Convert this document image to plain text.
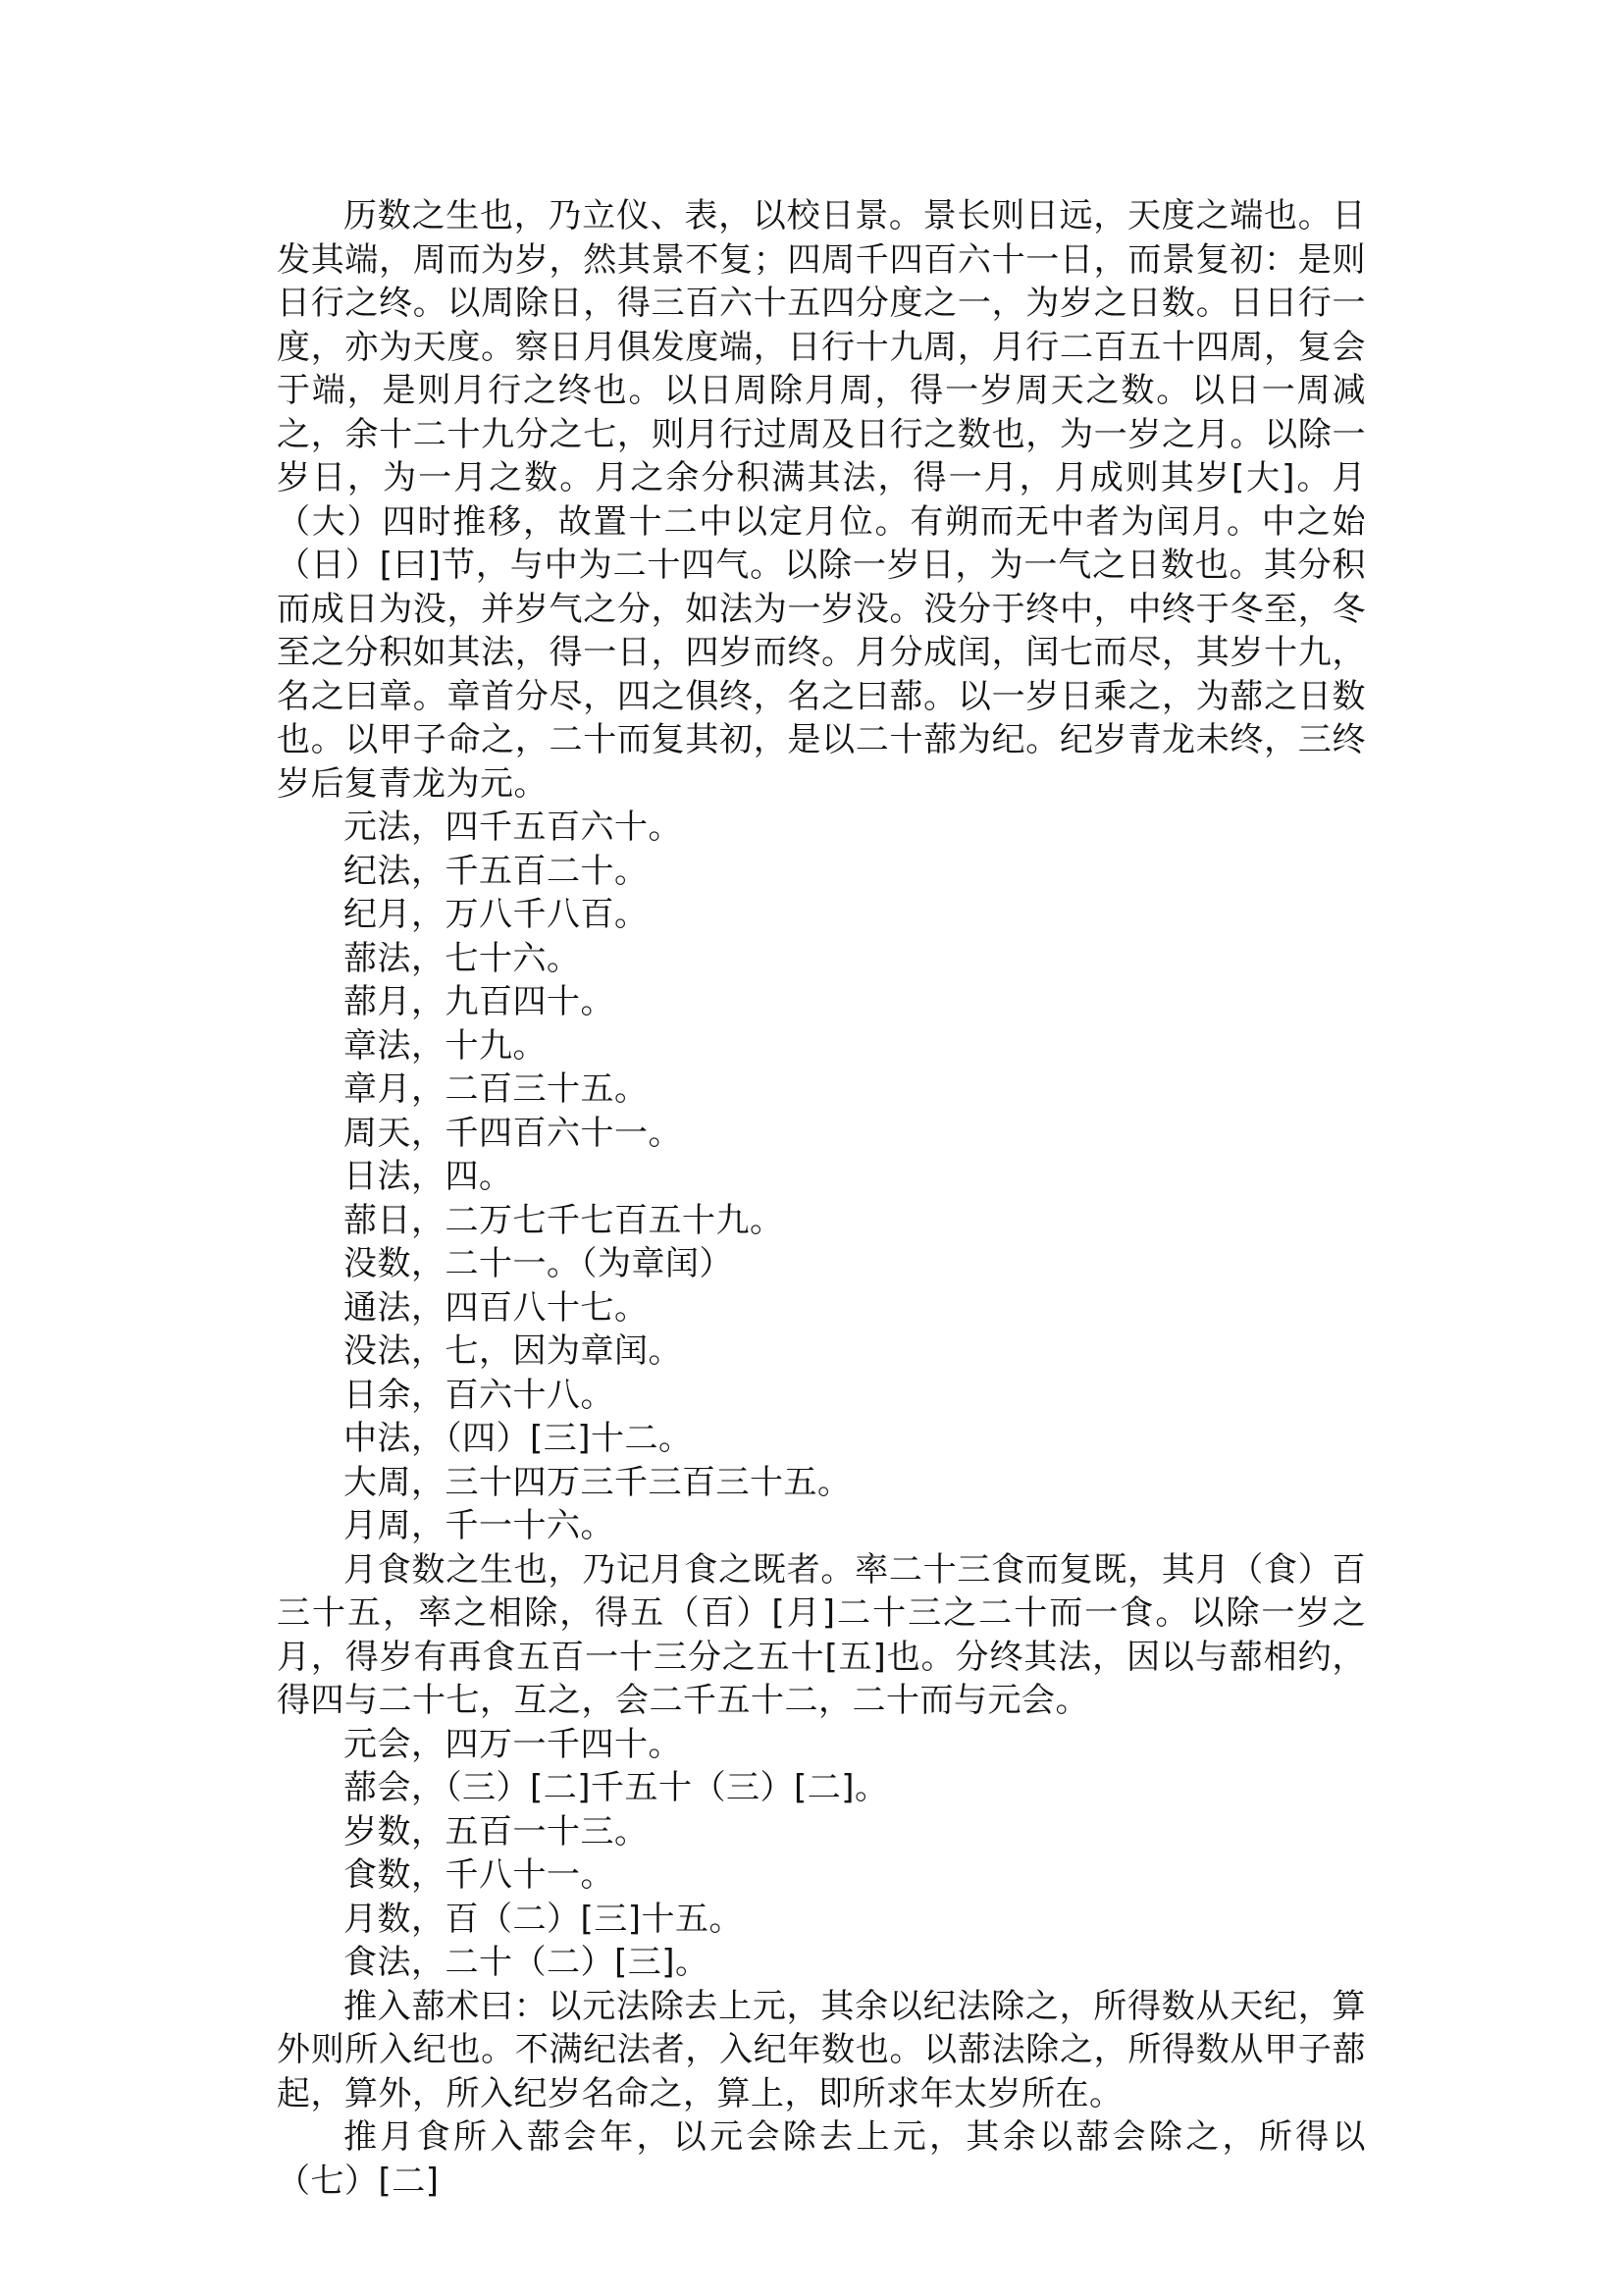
历数之生也，乃立仪、表，以校日景。景长则日远，天度之端也。日发其端，周而为岁，然其景不复；四周千四百六十一日，而景复初：是则日行之终。以周除日，得三百六十五四分度之一，为岁之日数。日日行一度，亦为天度。察日月俱发度端，日行十九周，月行二百五十四周，复会于端，是则月行之终也。以日周除月周，得一岁周天之数。以日一周减之，余十二十九分之七，则月行过周及日行之数也，为一岁之月。以除一岁日，为一月之数。月之余分积满其法，得一月，月成则其岁[大]。月（大）四时推移，故置十二中以定月位。有朔而无中者为闰月。中之始（日）[曰]节，与中为二十四气。以除一岁日，为一气之日数也。其分积而成日为没，并岁气之分，如法为一岁没。没分于终中，中终于冬至，冬至之分积如其法，得一日，四岁而终。月分成闰，闰七而尽，其岁十九，名之曰章。章首分尽，四之俱终，名之曰蔀。以一岁日乘之，为蔀之日数也。以甲子命之，二十而复其初，是以二十蔀为纪。纪岁青龙未终，三终岁后复青龙为元。

元法，四千五百六十。
纪法，千五百二十。
纪月，万八千八百。
蔀法，七十六。
蔀月，九百四十。
章法，十九。
章月，二百三十五。
周天，千四百六十一。
日法，四。
蔀日，二万七千七百五十九。
没数，二十一。（为章闰）
通法，四百八十七。
没法，七，因为章闰。
日余，百六十八。
中法，（四）[三]十二。
大周，三十四万三千三百三十五。
月周，千一十六。

月食数之生也，乃记月食之既者。率二十三食而复既，其月（食）百三十五，率之相除，得五（百）[月]二十三之二十而一食。以除一岁之月，得岁有再食五百一十三分之五十[五]也。分终其法，因以与蔀相约，得四与二十七，互之，会二千五十二，二十而与元会。

元会，四万一千四十。
蔀会，（三）[二]千五十（三）[二]。
岁数，五百一十三。
食数，千八十一。
月数，百（二）[三]十五。
食法，二十（二）[三]。

推入蔀术曰：以元法除去上元，其余以纪法除之，所得数从天纪，算外则所入纪也。不满纪法者，入纪年数也。以蔀法除之，所得数从甲子蔀起，算外，所入纪岁名命之，算上，即所求年太岁所在。

推月食所入蔀会年，以元会除去上元，其余以蔀会除之，所得以（七）[二]
